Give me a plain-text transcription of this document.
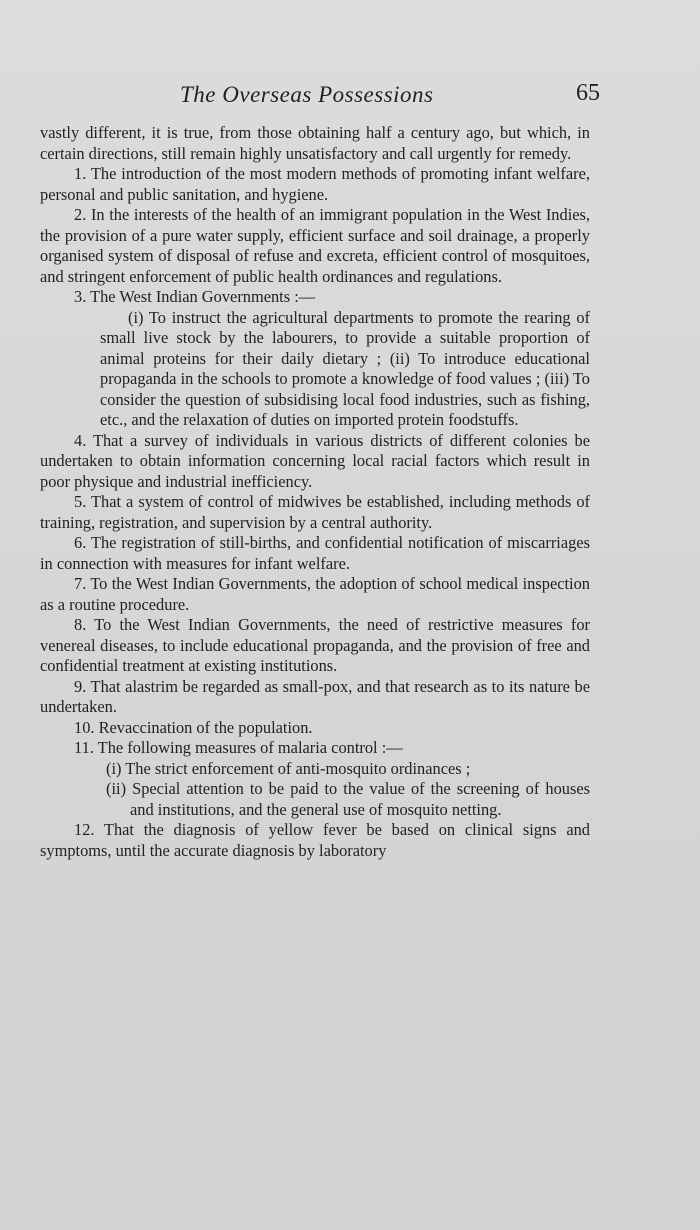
The Overseas Possessions	65

vastly different, it is true, from those obtaining half a century ago, but which, in certain directions, still remain highly unsatisfactory and call urgently for remedy.

1. The introduction of the most modern methods of promoting infant welfare, personal and public sanitation, and hygiene.

2. In the interests of the health of an immigrant population in the West Indies, the provision of a pure water supply, efficient surface and soil drainage, a properly organised system of disposal of refuse and excreta, efficient control of mosquitoes, and stringent enforcement of public health ordinances and regulations.

3. The West Indian Governments :—

(i) To instruct the agricultural departments to promote the rearing of small live stock by the labourers, to provide a suitable proportion of animal proteins for their daily dietary ; (ii) To introduce educational propaganda in the schools to promote a knowledge of food values ; (iii) To consider the question of subsidising local food industries, such as fishing, etc., and the relaxation of duties on imported protein foodstuffs.

4. That a survey of individuals in various districts of different colonies be undertaken to obtain information concerning local racial factors which result in poor physique and industrial inefficiency.

5. That a system of control of midwives be established, including methods of training, registration, and supervision by a central authority.

6. The registration of still-births, and confidential notification of miscarriages in connection with measures for infant welfare.

7. To the West Indian Governments, the adoption of school medical inspection as a routine procedure.

8. To the West Indian Governments, the need of restrictive measures for venereal diseases, to include educational propaganda, and the provision of free and confidential treatment at existing institutions.

9. That alastrim be regarded as small-pox, and that research as to its nature be undertaken.

10. Revaccination of the population.

11. The following measures of malaria control :—

(i) The strict enforcement of anti-mosquito ordinances ;

(ii) Special attention to be paid to the value of the screening of houses and institutions, and the general use of mosquito netting.

12. That the diagnosis of yellow fever be based on clinical signs and symptoms, until the accurate diagnosis by laboratory
